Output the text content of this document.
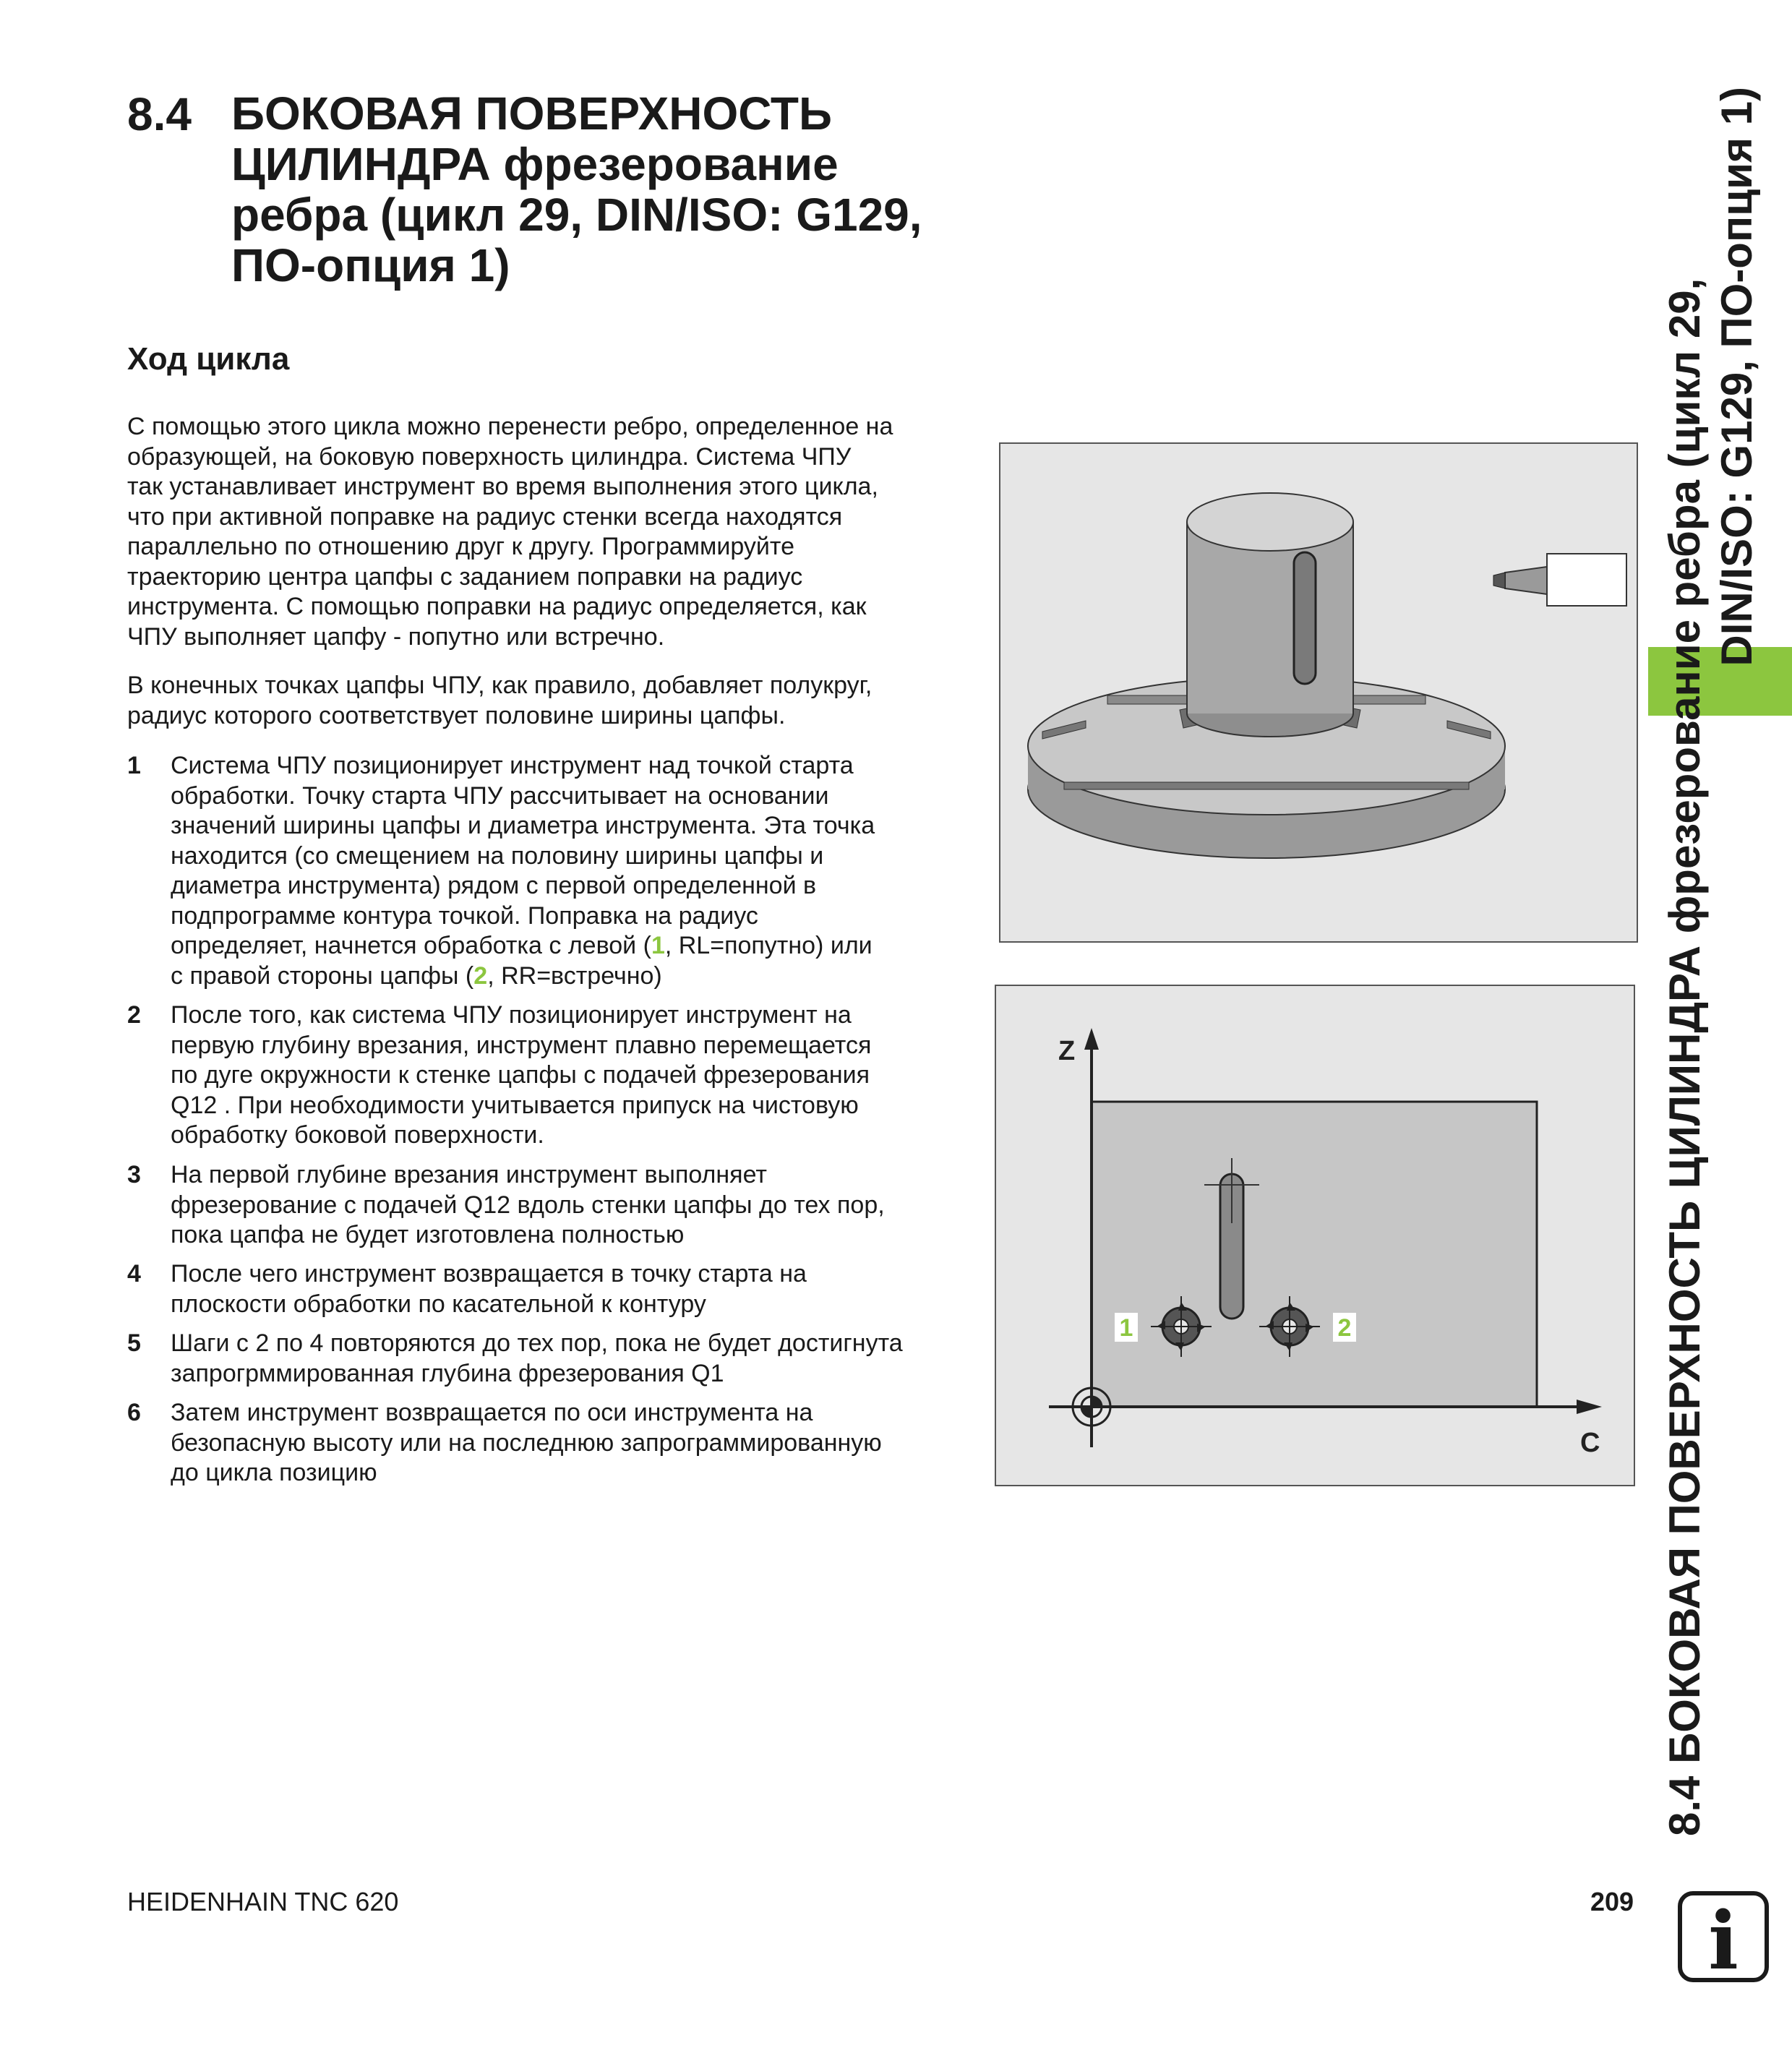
8.4 БОКОВАЯ ПОВЕРХНОСТЬ
ЦИЛИНДРА фрезерование
ребра (цикл 29, DIN/ISO: G129,
ПО-опция 1)
Ход цикла
С помощью этого цикла можно перенести ребро, определенное на
образующей, на боковую поверхность цилиндра. Система ЧПУ
так устанавливает инструмент во время выполнения этого цикла,
что при активной поправке на радиус стенки всегда находятся
параллельно по отношению друг к другу. Программируйте
траекторию центра цапфы с заданием поправки на радиус
инструмента. С помощью поправки на радиус определяется, как
ЧПУ выполняет цапфу - попутно или встречно.
В конечных точках цапфы ЧПУ, как правило, добавляет полукруг,
радиус которого соответствует половине ширины цапфы.
1 Система ЧПУ позиционирует инструмент над точкой старта
обработки. Точку старта ЧПУ рассчитывает на основании
значений ширины цапфы и диаметра инструмента. Эта точка
находится (со смещением на половину ширины цапфы и
диаметра инструмента) рядом с первой определенной в
подпрограмме контура точкой. Поправка на радиус
определяет, начнется обработка с левой (1, RL=попутно) или
с правой стороны цапфы (2, RR=встречно)
2 После того, как система ЧПУ позиционирует инструмент на
первую глубину врезания, инструмент плавно перемещается
по дуге окружности к стенке цапфы с подачей фрезерования
Q12 . При необходимости учитывается припуск на чистовую
обработку боковой поверхности.
3 На первой глубине врезания инструмент выполняет
фрезерование с подачей Q12 вдоль стенки цапфы до тех пор,
пока цапфа не будет изготовлена полностью
4 После чего инструмент возвращается в точку старта на
плоскости обработки по касательной к контуру
5 Шаги с 2 по 4 повторяются до тех пор, пока не будет достигнута
запрогрммированная глубина фрезерования Q1
6 Затем инструмент возвращается по оси инструмента на
безопасную высоту или на последнюю запрограммированную
до цикла позицию
1	2
Z
C 8.4 БОКОВАЯ ПОВЕРХНОСТЬ ЦИЛИНДРА фрезерование ребра (цикл 29, DIN/ISO: G129, ПО-опция 1)
HEIDENHAIN TNC 620	209 i
